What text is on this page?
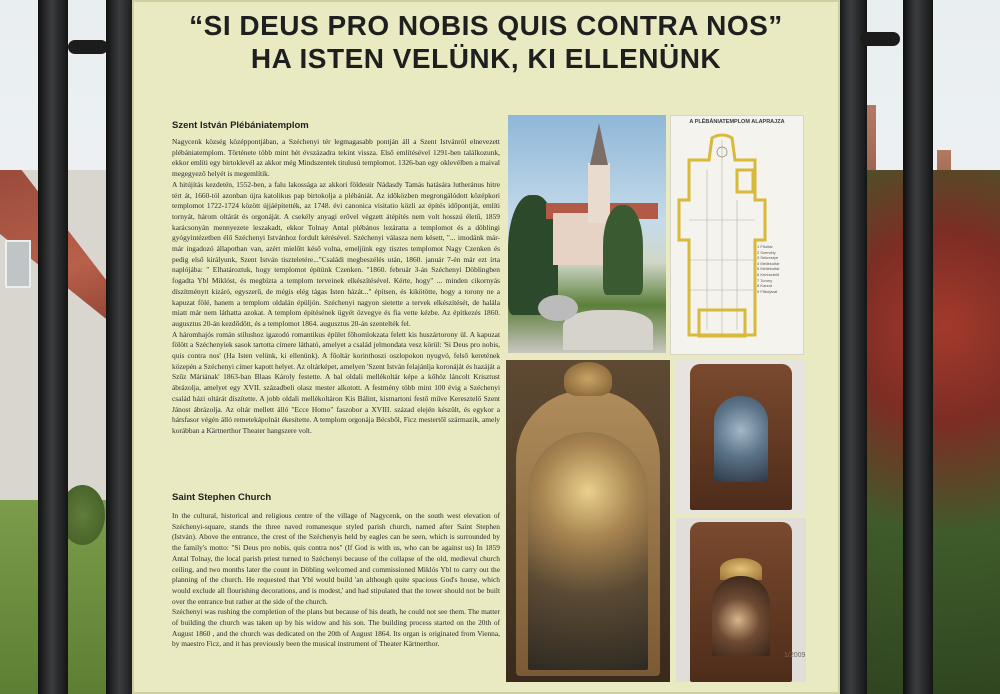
“SI DEUS PRO NOBIS QUIS CONTRA NOS”
HA ISTEN VELÜNK, KI ELLENÜNK
Szent István Plébániatemplom

Nagycenk község középpontjában, a Széchenyi tér legmagasabb pontján áll a Szent Istvánról elnevezett plébániatemplom. Története több mint hét évszázadra tekint vissza. Első említésével 1291-ben találkozunk, ekkor említi egy birtoklevél az akkor még Mindszentek titulusú templomot. 1326-ban egy oklevélben a maival megegyező helyét is megemlítik.

A hitújítás kezdetén, 1552-ben, a falu lakossága az akkori földesúr Nádasdy Tamás hatására lutheránus hitre tért át, 1660-tól azonban újra katolikus pap birtokolja a plébániát. Az időközben megrongálódott középkori templomot 1722-1724 között újjáépítették, az 1748. évi canonica visitatio közli az építés időpontját, említi tornyát, három oltárát és orgonáját. A csekély anyagi erővel végzett átépítés nem volt hosszú életű, 1859 karácsonyán mennyezete leszakadt, ekkor Tolnay Antal plébános lezáratta a templomot és a döblingi gyógyintézetben élő Széchenyi Istvánhoz fordult kérésével. Széchenyi válasza nem késett, "... imodánk már-már ingadozó állapotban van, azért mielőtt késő volna, emeljünk egy tisztes templomot Nagy Czenken és pedig első királyunk, Szent István tiszteletére..."Családi megbeszélés után, 1860. január 7-én már ezt írta naplójába: " Elhatároztuk, hogy templomot építünk Czenken. "1860. február 3-án Széchenyi Döblingben fogadta Ybl Miklóst, és megbízta a templom terveinek elkészítésével. Kérte, hogy" ... minden cikornyás díszítménytt kizáró, egyszerű, de mégis elég tágas Isten házát..." építsen, és kikötötte, hogy a torony ne a kapuzat fölé, hanem a templom oldalán épüljön. Széchenyi nagyon sietette a tervek elkészítését, de halála miatt már nem láthatta azokat. A templom építésének ügyét özvegye és fia vette kézbe. Az építkezés 1860. augusztus 20-án kezdődött, és a templomot 1864. augusztus 20-án szentelték fel.

A háromhajós román stílushoz igazodó romantikus épület főhomlokzata felett kis huszártorony ül. A kapuzat fölött a Széchenyiek sasok tartotta címere látható, amelyet a család jelmondata vesz körül: 'Si Deus pro nobis, quis contra nos' (Ha Isten velünk, ki ellenünk). A főoltár korinthoszi oszlopokon nyugvó, felső keretének közepén a Széchenyi címer kapott helyet. Az oltárképet, amelyen 'Szent István felajánlja koronáját és hazáját a Szűz Máriának' 1863-ban Blaas Károly festette. A bal oldali mellékoltár képe a kőhöz láncolt Krisztust ábrázolja, amelyet egy XVII. századbeli olasz mester alkotott. A festmény több mint 100 évig a Széchenyi család házi oltárát díszítette. A jobb oldali mellékoltáron Kis Bálint, kismartoni festő műve Keresztelő Szent Jánost ábrázolja. Az oltár mellett álló "Ecce Homo" faszobor a XVIII. század elején készült, és egykor a hársfasor végén álló remetekápolnát ékesítette. A templom orgonája Bécsből, Ficz mestertől származik, amely korábban a Kärtnerthor Theater hangszere volt.

Saint Stephen Church

In the cultural, historical and religious centre of the village of Nagycenk, on the south west elevation of Széchenyi-square, stands the three naved romanesque styled parish church, named after Saint Stephen (István). Above the entrance, the crest of the Széchenyis held by eagles can be seen, which is surrounded by the family's motto: "Si Deus pro nobis, quis contra nos" (If God is with us, who can be against us) In 1859 Antal Tolnay, the local parish priest turned to Széchenyi because of the collapse of the old, medieval church ceiling, and two months later the count in Döbling welcomed and commissioned Miklós Ybl to carry out the planning of the church. He requested that Ybl would build 'an although quite spacious God's house, which would exclude all flourishing decorations, and is modest,' and had stipulated that the tower should not be built over the entrance but rather at the side of the church.

Széchenyi was rushing the completion of the plans but because of his death, he could not see them. The matter of building the church was taken up by his widow and his son. The building process started on the 20th of August 1860 , and the church was dedicated on the 20th of August 1864. Its organ is originated from Vienna, by maestro Ficz, and it has previously been the musical instrument of Theater Kärtnerthor.

A PLÉBÁNIATEMPLOM ALAPRAJZA
1 Főoltár
2 Szentély
3 Sekrestye
4 Mellékoltár
5 Mellékoltár
6 Keresztelő
7 Torony
8 Karzat
9 Főbejárat
1/2009
